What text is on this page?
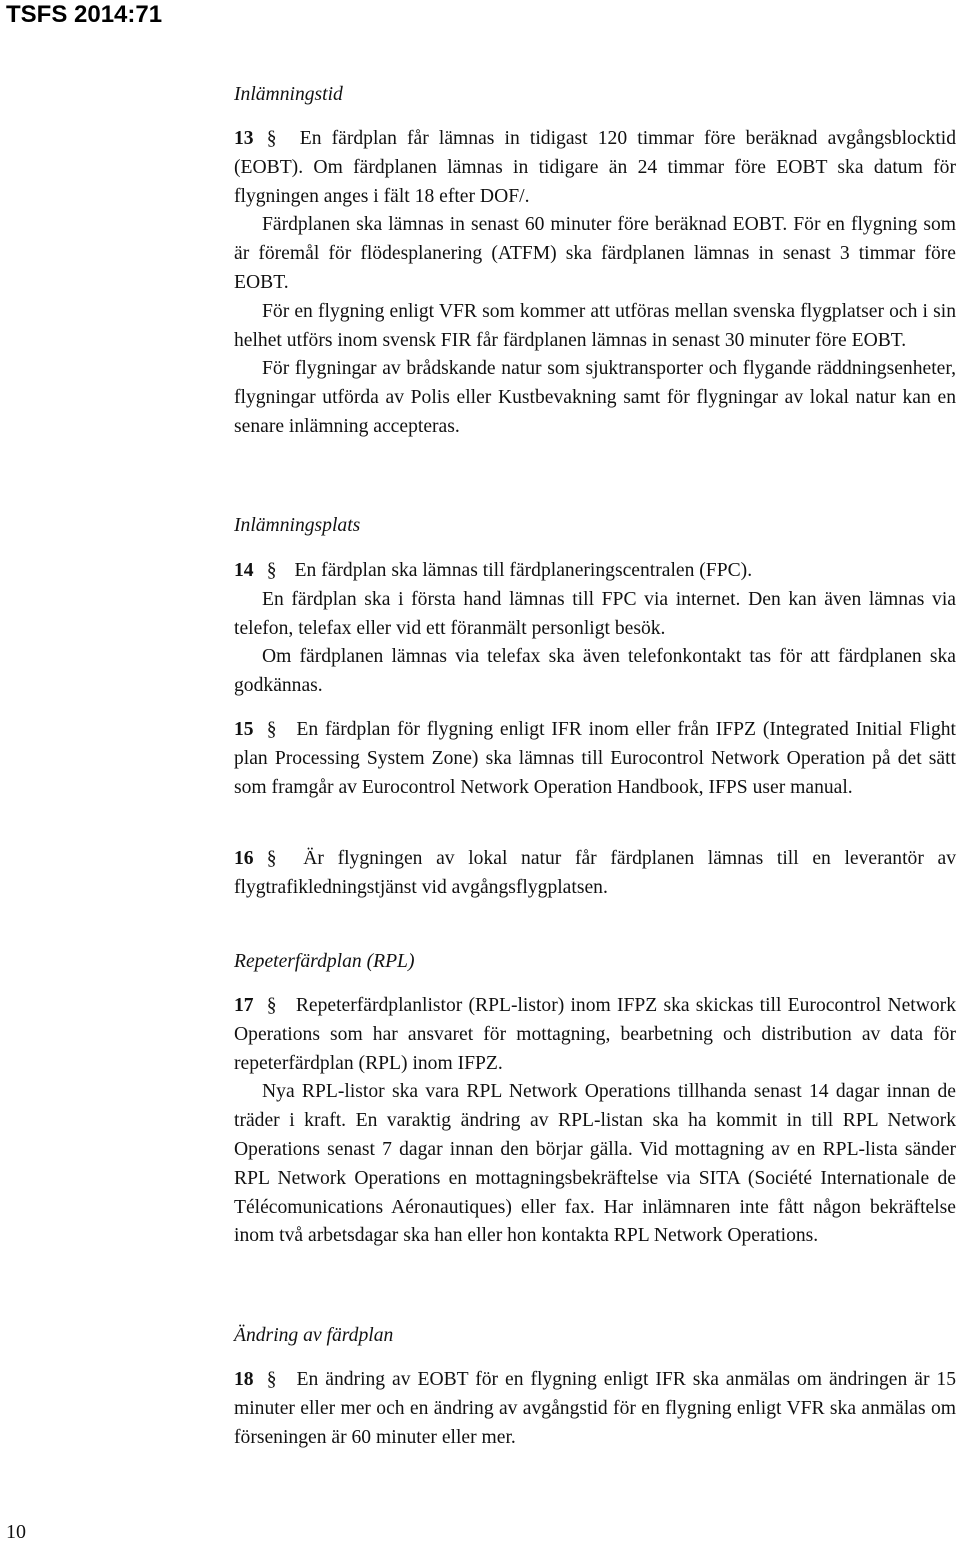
TSFS 2014:71
Inlämningstid

13 § En färdplan får lämnas in tidigast 120 timmar före beräknad avgångsblocktid (EOBT). Om färdplanen lämnas in tidigare än 24 timmar före EOBT ska datum för flygningen anges i fält 18 efter DOF/.

Färdplanen ska lämnas in senast 60 minuter före beräknad EOBT. För en flygning som är föremål för flödesplanering (ATFM) ska färdplanen lämnas in senast 3 timmar före EOBT.

För en flygning enligt VFR som kommer att utföras mellan svenska flygplatser och i sin helhet utförs inom svensk FIR får färdplanen lämnas in senast 30 minuter före EOBT.

För flygningar av brådskande natur som sjuktransporter och flygande räddningsenheter, flygningar utförda av Polis eller Kustbevakning samt för flygningar av lokal natur kan en senare inlämning accepteras.

Inlämningsplats

14 § En färdplan ska lämnas till färdplaneringscentralen (FPC).

En färdplan ska i första hand lämnas till FPC via internet. Den kan även lämnas via telefon, telefax eller vid ett föranmält personligt besök.

Om färdplanen lämnas via telefax ska även telefonkontakt tas för att färdplanen ska godkännas.

15 § En färdplan för flygning enligt IFR inom eller från IFPZ (Integrated Initial Flight plan Processing System Zone) ska lämnas till Eurocontrol Network Operation på det sätt som framgår av Eurocontrol Network Operation Handbook, IFPS user manual.

16 § Är flygningen av lokal natur får färdplanen lämnas till en leverantör av flygtrafikledningstjänst vid avgångsflygplatsen.

Repeterfärdplan (RPL)

17 § Repeterfärdplanlistor (RPL-listor) inom IFPZ ska skickas till Eurocontrol Network Operations som har ansvaret för mottagning, bearbetning och distribution av data för repeterfärdplan (RPL) inom IFPZ.

Nya RPL-listor ska vara RPL Network Operations tillhanda senast 14 dagar innan de träder i kraft. En varaktig ändring av RPL-listan ska ha kommit in till RPL Network Operations senast 7 dagar innan den börjar gälla. Vid mottagning av en RPL-lista sänder RPL Network Operations en mottagningsbekräftelse via SITA (Société Internationale de Télécomunications Aéronautiques) eller fax. Har inlämnaren inte fått någon bekräftelse inom två arbetsdagar ska han eller hon kontakta RPL Network Operations.

Ändring av färdplan

18 § En ändring av EOBT för en flygning enligt IFR ska anmälas om ändringen är 15 minuter eller mer och en ändring av avgångstid för en flygning enligt VFR ska anmälas om förseningen är 60 minuter eller mer.

10
